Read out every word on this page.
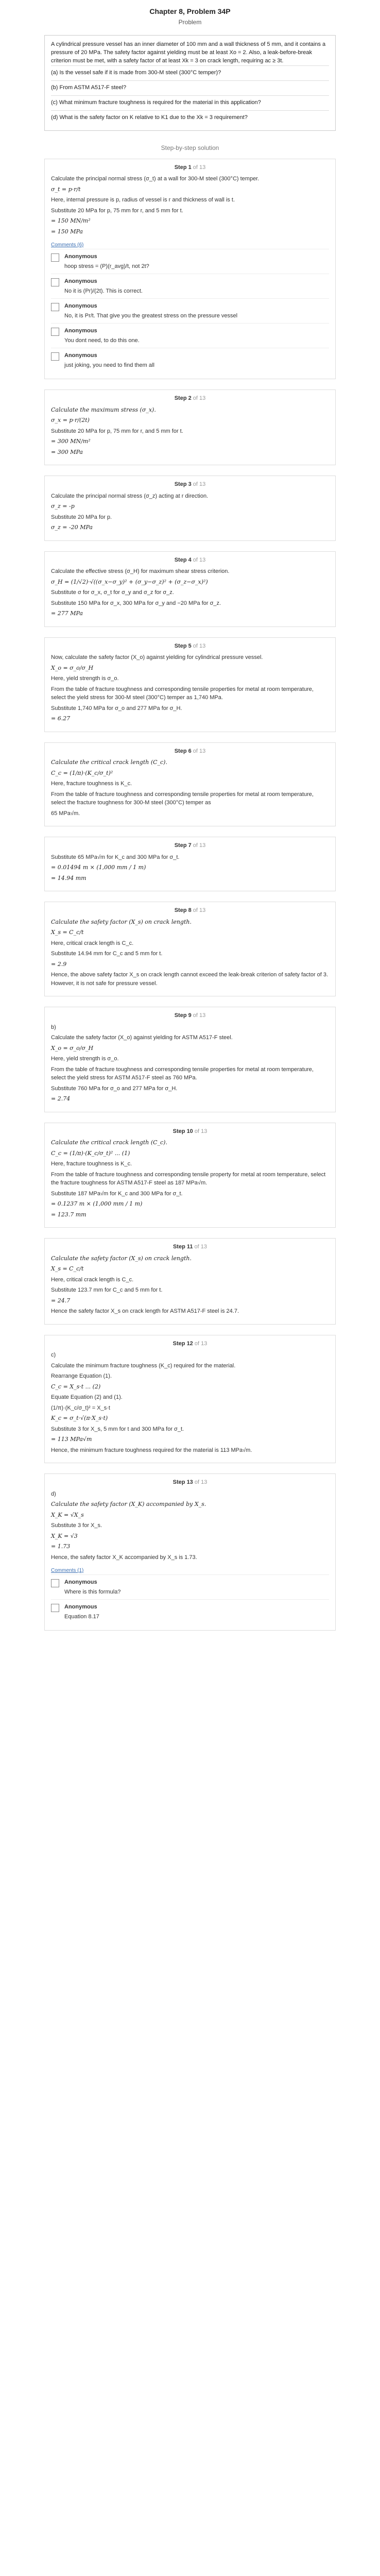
Chapter 8, Problem 34P
Problem
A cylindrical pressure vessel has an inner diameter of 100 mm and a wall thickness of 5 mm, and it contains a pressure of 20 MPa. The safety factor against yielding must be at least Xo = 2. Also, a leak-before-break criterion must be met, with a safety factor of at least Xk = 3 on crack length, requiring ac ≥ 3t.
(a) Is the vessel safe if it is made from 300-M steel (300°C temper)?
(b) From ASTM A517-F steel?
(c) What minimum fracture toughness is required for the material in this application?
(d) What is the safety factor on K relative to K1 due to the Xk = 3 requirement?
Step-by-step solution
Step 1 of 13

Calculate the principal normal stress (σ_t) at a wall for 300-M steel (300°C) temper.

σ_t = p·r/t

Here, internal pressure is p, radius of vessel is r and thickness of wall is t.

Substitute 20 MPa for p, 75 mm for r, and 5 mm for t.

= 150 MN/m²

= 150 MPa

Comments (6)
Anonymous
hoop stress = (P)(r_avg)/t, not 2t?
Anonymous
No it is (Pr)/(2t). This is correct.
Anonymous
No, it is Pr/t. That give you the greatest stress on the pressure vessel
Anonymous
You dont need, to do this one.
Anonymous
just joking, you need to find them all
Step 2 of 13

Calculate the maximum stress (σ_x).

σ_x = p·r/(2t)

Substitute 20 MPa for p, 75 mm for r, and 5 mm for t.

= 300 MN/m²

= 300 MPa

Step 3 of 13

Calculate the principal normal stress (σ_z) acting at r direction.

σ_z = -p

Substitute 20 MPa for p.

σ_z = -20 MPa

Step 4 of 13

Calculate the effective stress (σ_H) for maximum shear stress criterion.

σ_H = (1/√2)·√((σ_x−σ_y)² + (σ_y−σ_z)² + (σ_z−σ_x)²)

Substitute σ for σ_x, σ_t for σ_y and σ_z for σ_z.

Substitute 150 MPa for σ_x, 300 MPa for σ_y and −20 MPa for σ_z.

= 277 MPa

Step 5 of 13

Now, calculate the safety factor (X_o) against yielding for cylindrical pressure vessel.

X_o = σ_o/σ_H

Here, yield strength is σ_o.

From the table of fracture toughness and corresponding tensile properties for metal at room temperature, select the yield stress for 300-M steel (300°C) temper as 1,740 MPa.

Substitute 1,740 MPa for σ_o and 277 MPa for σ_H.

= 6.27

Step 6 of 13

Calculate the critical crack length (C_c).

C_c = (1/π)·(K_c/σ_t)²

Here, fracture toughness is K_c.

From the table of fracture toughness and corresponding tensile properties for metal at room temperature, select the fracture toughness for 300-M steel (300°C) temper as

65 MPa√m.

Step 7 of 13

Substitute 65 MPa√m for K_c and 300 MPa for σ_t.

= 0.01494 m × (1,000 mm / 1 m)

= 14.94 mm

Step 8 of 13

Calculate the safety factor (X_s) on crack length.

X_s = C_c/t

Here, critical crack length is C_c.

Substitute 14.94 mm for C_c and 5 mm for t.

= 2.9

Hence, the above safety factor X_s on crack length cannot exceed the leak-break criterion of safety factor of 3. However, it is not safe for pressure vessel.

Step 9 of 13

b)

Calculate the safety factor (X_o) against yielding for ASTM A517-F steel.

X_o = σ_o/σ_H

Here, yield strength is σ_o.

From the table of fracture toughness and corresponding tensile properties for metal at room temperature, select the yield stress for ASTM A517-F steel as 760 MPa.

Substitute 760 MPa for σ_o and 277 MPa for σ_H.

= 2.74

Step 10 of 13

Calculate the critical crack length (C_c).

C_c = (1/π)·(K_c/σ_t)² ... (1)

Here, fracture toughness is K_c.

From the table of fracture toughness and corresponding tensile property for metal at room temperature, select the fracture toughness for ASTM A517-F steel as 187 MPa√m.

Substitute 187 MPa√m for K_c and 300 MPa for σ_t.

= 0.1237 m × (1,000 mm / 1 m)

= 123.7 mm

Step 11 of 13

Calculate the safety factor (X_s) on crack length.

X_s = C_c/t

Here, critical crack length is C_c.

Substitute 123.7 mm for C_c and 5 mm for t.

= 24.7

Hence the safety factor X_s on crack length for ASTM A517-F steel is 24.7.

Step 12 of 13

c)

Calculate the minimum fracture toughness (K_c) required for the material.

Rearrange Equation (1).

C_c = X_s·t ... (2)

Equate Equation (2) and (1).

(1/π)·(K_c/σ_t)² = X_s·t

K_c = σ_t·√(π·X_s·t)

Substitute 3 for X_s, 5 mm for t and 300 MPa for σ_t.

= 113 MPa√m

Hence, the minimum fracture toughness required for the material is 113 MPa√m.

Step 13 of 13

d)

Calculate the safety factor (X_K) accompanied by X_s.

X_K = √X_s

Substitute 3 for X_s.

X_K = √3

= 1.73

Hence, the safety factor X_K accompanied by X_s is 1.73.

Comments (1)
Anonymous
Where is this formula?
Anonymous
Equation 8.17
